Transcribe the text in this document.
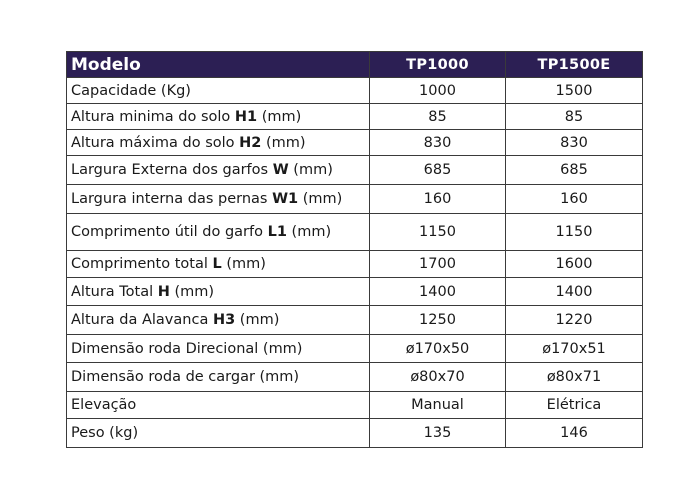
Modelo	TP1000	TP1500E
Capacidade (Kg)	1000	1500
Altura minima do solo H1 (mm)	85	85
Altura máxima do solo H2 (mm)	830	830
Largura Externa dos garfos W (mm)	685	685
Largura interna das pernas W1 (mm)	160	160
Comprimento útil do garfo L1 (mm)	1150	1150
Comprimento total L (mm)	1700	1600
Altura Total H (mm)	1400	1400
Altura da Alavanca H3 (mm)	1250	1220
Dimensão roda Direcional (mm)	ø170x50	ø170x51
Dimensão roda de cargar (mm)	ø80x70	ø80x71
Elevação	Manual	Elétrica
Peso (kg)	135	146
